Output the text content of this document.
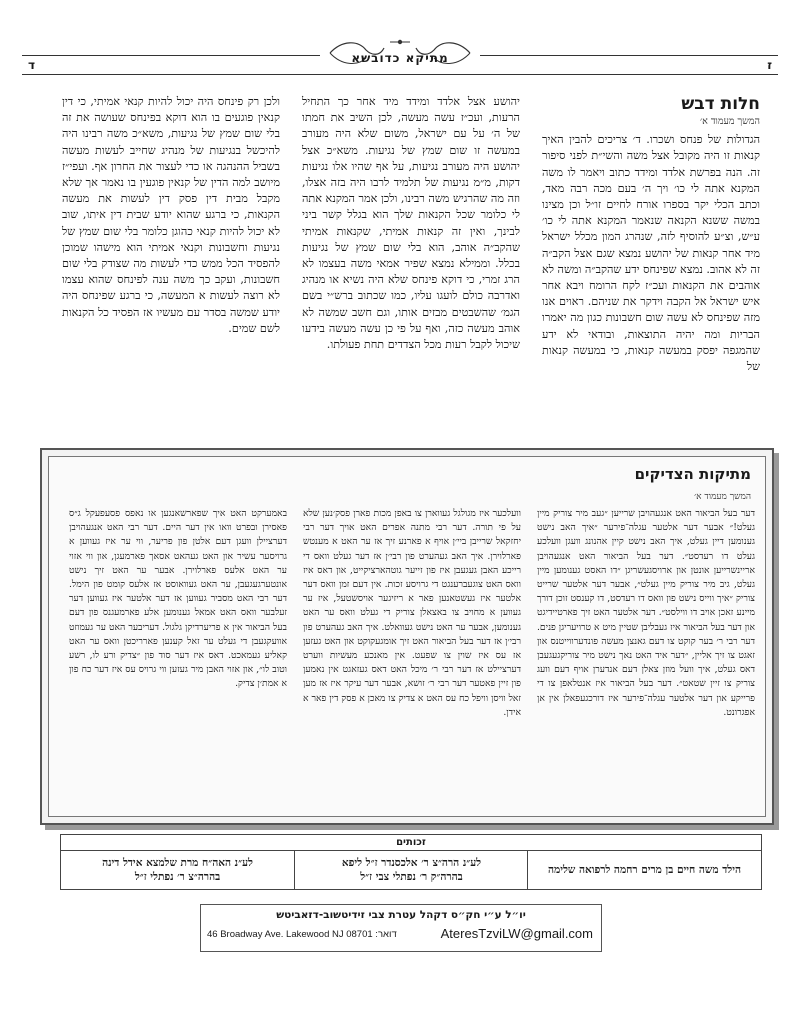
מתיקא כדובשא
ד	ז
חלות דבש
המשך מעמוד א׳

הגדולות של פנחס ושכרו. ד׳ צריכים להבין האיך קנאות זו היה מקובל אצל משה והשי״ת לפני סיפור זה. הנה בפרשת אלדד ומידד כתוב ויאמר לו משה המקנא אתה לי כו׳ ויך ה׳ בעם מכה רבה מאד, וכתב הכלי יקר בספרו אורח לחיים זו״ל וכן מצינו במשה ששנא הקנאה שנאמר המקנא אתה לי כו׳ ע״ש, וצ״ע להוסיף לזה, שנהרג המון מכלל ישראל מיד אחר קנאות של יהושע נמצא שגם אצל הקב״ה זה לא אהוב. נמצא שפינחס ידע שהקב״ה ומשה לא אוהבים את הקנאות ועכ״ז לקח הרומח ויבא אחר איש ישראל אל הקבה וידקר את שניהם. ראוים אנו מזה שפינחס לא עשה שום חשבונות כגון מה יאמרו הבריות ומה יהיה התוצאות, ובודאי לא ידע שהמגפה יפסק במעשה קנאות, כי במעשה קנאות של

יהושע אצל אלדד ומידד מיד אחר כך התחיל הרעות, ועכ״ז עשה מעשה, לכן השיב את חמתו של ה׳ על עם ישראל, משום שלא היה מעורב במעשה זו שום שמץ של נגיעות. משא״כ אצל יהושע היה מעורב נגיעות, על אף שהיו אלו נגיעות דקות, מ״מ נגיעות של תלמיד לרבו היה בזה אצלו, וזה מה שהרגיש משה רבינו, ולכן אמר המקנא אתה לי כלומר שכל הקנאות שלך הוא בגלל קשר ביני לבינך, ואין זה קנאות אמיתי, שקנאות אמיתי שהקב״ה אוהב, הוא בלי שום שמץ של נגיעות בכלל. וממילא נמצא שפיר אמאי משה בעצמו לא הרג זמרי, כי דוקא פינחס שלא היה נשיא או מנהיג ואדרבה כולם לועגו עליו, כמו שכתוב ברש״י בשם הגמ׳ שהשבטים מבזים אותו, וגם חשב שמשה לא אוהב מעשה כזה, ואף על פי כן עשה מעשה בידעו שיכול לקבל רעות מכל הצדדים תחת פעולתו.

ולכן רק פינחס היה יכול להיות קנאי אמיתי, כי דין קנאין פוגעים בו הוא דוקא בפינחס שעושה את זה בלי שום שמץ של נגיעות, משא״כ משה רבינו היה להיכשל בנגיעות של מנהיג שחייב לעשות מעשה בשביל ההנהגה או כדי לעצור את החרון אף. ועפי״ז מיושב למה הדין של קנאין פוגעין בו נאמר אך שלא מקבל מבית דין פסק דין לעשות את מעשה הקנאות, כי ברגע שהוא יודע שבית דין איתו, שוב לא יכול להיות קנאי כהוגן כלומר בלי שום שמץ של נגיעות וחשבונות וקנאי אמיתי הוא מישהו שמוכן להפסיד הכל ממש כדי לעשות מה שצודק בלי שום חשבונות, ועקב כך משה ענה לפינחס שהוא עצמו לא רוצה לעשות א המעשה, כי ברגע שפינחס היה יודע שמשה בסדר עם מעשיו אז הפסיד כל הקנאות לשם שמים.

מתיקות הצדיקים
המשך מעמוד א׳

דער בעל הביאור האט אנגעהויבן שרייען ״געב מיר צוריק מיין געלט!״ אבער דער אלטער עגלה־פירער ״איך האב נישט גענומען דיין געלט, איך האב נישט קיין אהנונג וועגן וועלכע געלט דו רעדסט״. דער בעל הביאור האט אנגעהויבן אריינשרייען אונטן און ארויסגעשריגן ״דו האסט גענומען מיין געלט, גיב מיר צוריק מיין געלט״, אבער דער אלטער שרייט צוריק ״איך ווייס נישט פון וואס דו רעדסט, דו קענסט זוכן דורך מיינע זאכן אויב דו ווילסט״. דער אלטער האט זיך פארטיידיגט און דער בעל הביאור איז געבליבן שטיין מיט א טרויעריגן פנים. דער רבי ר׳ בער קוקט צו דעם גאנצן מעשה פונדערווייטנס און זאגט צו זיך אליין, ״דער איד האט נאך נישט מיר צוריקגעגעבן דאס געלט, איך וועל מוזן צאלן דעם אנדערן אויף דעם וועג צוריק צו זיין שטאט״. דער בעל הביאור איז אנטלאפן צו די פרייקע און דער אלטער עגלה־פירער איז דורכגעפאלן אין אן אפגרונט.

וועלכער איז מגולגל געווארן צו באפן מכות פארן פסק׳נען שלא על פי תורה. דער רבי מתנה אפרים האט אויך דער רבי יחזקאל שרייבן ביי׳ן אויף א פארנע זיך אז ער האט א מענטש פארלוירן. איך האב געהערט פון רבי׳ן אז דער געלט וואס די רייכע האבן געגעבן איז פון זייער גוטהארציקייט, און דאס איז וואס האט צוגעברענגט די גרויסע זכות. אין דעם זמן וואס דער אלטער איז געשטאנען פאר א ריזיגער אויסשטעל, איז ער געווען א מחויב צו באצאלן צוריק די געלט וואס ער האט גענומען, אבער ער האט נישט געוואלט. איך האב געהערט פון רבי׳ן אז דער בעל הביאור האט זיך אומגעקוקט און האט געזען אז עס איז שוין צו שפעט. אין מאנכע מעשיות ווערט דערציילט אז דער רבי ר׳ מיכל האט דאס געזאגט אין נאמען פון זיין פאטער דער רבי ר׳ זושא, אבער דער עיקר איז אז מען זאל וויסן וויפל כח עס האט א צדיק צו מאכן א פסק דין פאר א אידן.

באמערקט האט איך שפארשאנגען או נאפס פסעפעקל ג״ס פאסירן ובפרט וואו אין דער היים. דער רבי האט אנגעהויבן דערציילן וועגן דעם אלטן פון פריער, ווי ער איז געווען א גרויסער עשיר און האט געהאט אסאך פארמעגן, און ווי אזוי ער האט אלעס פארלוירן. אבער ער האט זיך נישט אונטערגעגעבן, ער האט געוואוסט אז אלעס קומט פון הימל. דער רבי האט מסביר געווען אז דער אלטער איז געווען דער זעלבער וואס האט אמאל גענומען אלע פארמעגנס פון דעם בעל הביאור אין א פריערדיקן גלגול. דעריבער האט ער געמוזט אוועקגעבן די געלט ער זאל קענען פארריכטן וואס ער האט קאליע געמאכט. דאס איז דער סוד פון ״צדיק ורע לו, רשע וטוב לו״, און אזוי האבן מיר געזען ווי גרויס עס איז דער כח פון א אמת׳ן צדיק.

זכותים
הילד משה חיים בן מרים רחמה לרפואה שלימה
לע״נ הרה״צ ר׳ אלכסנדר ז״ל ליפא
בהרה״ק ר׳ נפתלי צבי ז״ל
לע״נ האה״ח מרת שלמצא אידל דינה
בהרה״צ ר׳ נפתלי ז״ל
יו״ל ע״י חק״ס דקהל עטרת צבי זידיטשוב-דזאביטש
46 Broadway Ave. Lakewood NJ 08701 :דואר	AteresTzviLW@gmail.com
